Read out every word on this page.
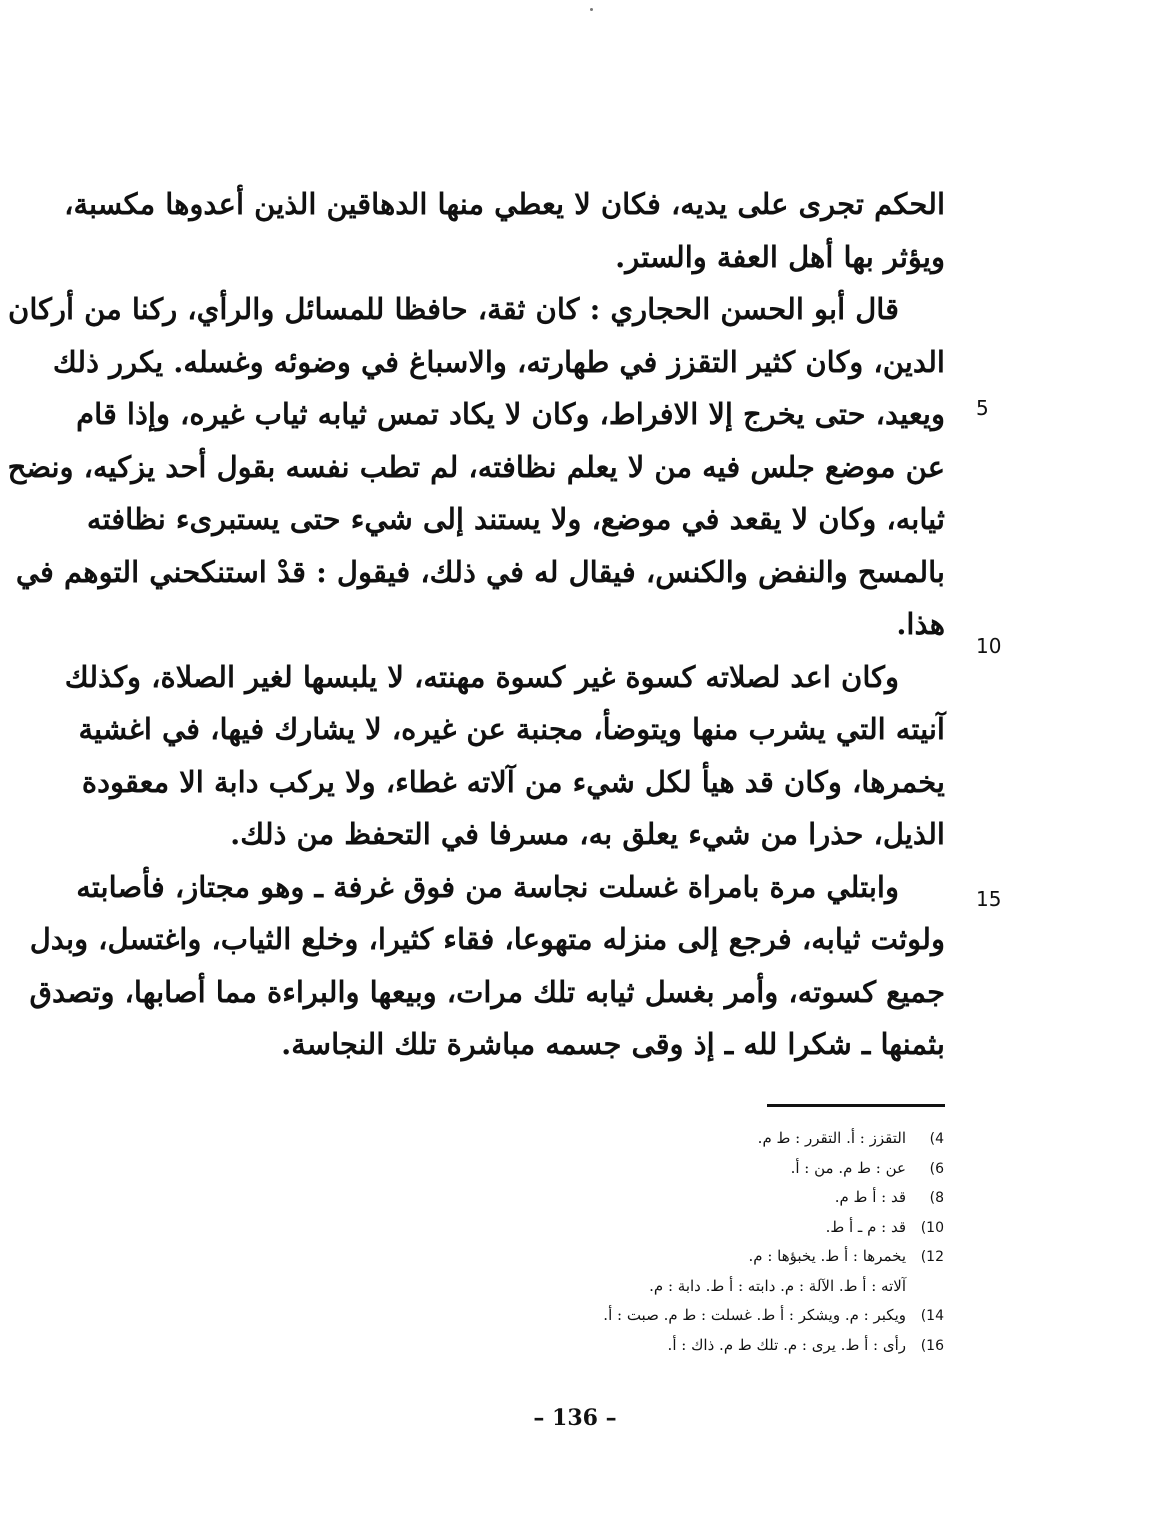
الحكم تجرى على يديه، فكان لا يعطي منها الدهاقين الذين أعدوها مكسبة،
ويؤثر بها أهل العفة والستر.
قال أبو الحسن الحجاري : كان ثقة، حافظا للمسائل والرأي، ركنا من أركان
الدين، وكان كثير التقزز في طهارته، والاسباغ في وضوئه وغسله. يكرر ذلك
ويعيد، حتى يخرج إلا الافراط، وكان لا يكاد تمس ثيابه ثياب غيره، وإذا قام
عن موضع جلس فيه من لا يعلم نظافته، لم تطب نفسه بقول أحد يزكيه، ونضح
ثيابه، وكان لا يقعد في موضع، ولا يستند إلى شيء حتى يستبرىء نظافته
بالمسح والنفض والكنس، فيقال له في ذلك، فيقول : قدْ استنكحني التوهم في
هذا.
وكان اعد لصلاته كسوة غير كسوة مهنته، لا يلبسها لغير الصلاة، وكذلك
آنيته التي يشرب منها ويتوضأ، مجنبة عن غيره، لا يشارك فيها، في اغشية
يخمرها، وكان قد هيأ لكل شيء من آلاته غطاء، ولا يركب دابة الا معقودة
الذيل، حذرا من شيء يعلق به، مسرفا في التحفظ من ذلك.
وابتلي مرة بامراة غسلت نجاسة من فوق غرفة ـ وهو مجتاز، فأصابته
ولوثت ثيابه، فرجع إلى منزله متهوعا، فقاء كثيرا، وخلع الثياب، واغتسل، وبدل
جميع كسوته، وأمر بغسل ثيابه تلك مرات، وبيعها والبراءة مما أصابها، وتصدق
بثمنها ـ شكرا لله ـ إذ وقى جسمه مباشرة تلك النجاسة.
5
10
15
4)التقزز : أ. التقرر : ط م.
6)عن : ط م. من : أ.
8)قد : أ ط م.
10)قد : م ـ أ ط.
12)يخمرها : أ ط. يخبؤها : م.
آلاته : أ ط. الآلة : م. دابته : أ ط. دابة : م.
14)ويكبر : م. ويشكر : أ ط. غسلت : ط م. صبت : أ.
16)رأى : أ ط. يرى : م. تلك ط م. ذاك : أ.
– 136 –
